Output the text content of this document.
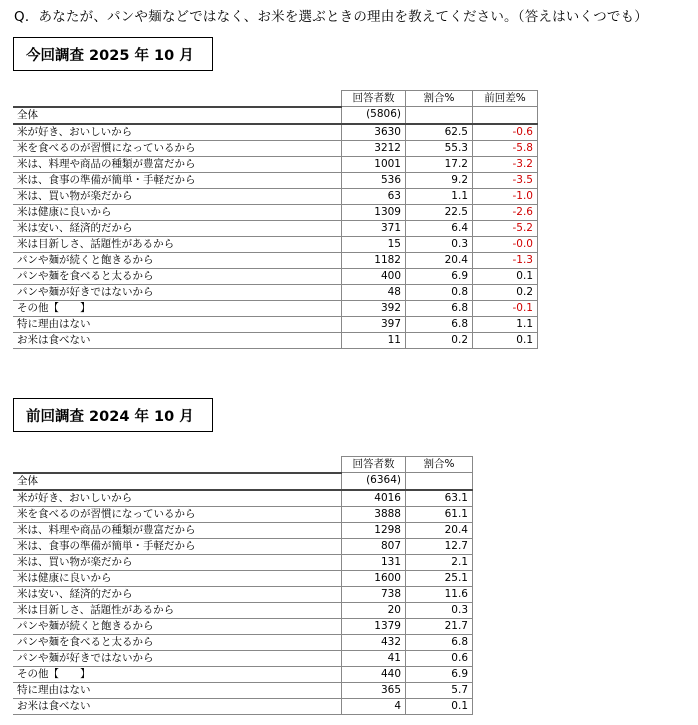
Q．あなたが、パンや麺などではなく、お米を選ぶときの理由を教えてください。（答えはいくつでも）
今回調査 2025 年 10 月
	回答者数	割合%	前回差%
全体	(5806)		
米が好き、おいしいから	3630	62.5	-0.6
米を食べるのが習慣になっているから	3212	55.3	-5.8
米は、料理や商品の種類が豊富だから	1001	17.2	-3.2
米は、食事の準備が簡単・手軽だから	536	9.2	-3.5
米は、買い物が楽だから	63	1.1	-1.0
米は健康に良いから	1309	22.5	-2.6
米は安い、経済的だから	371	6.4	-5.2
米は目新しさ、話題性があるから	15	0.3	-0.0
パンや麺が続くと飽きるから	1182	20.4	-1.3
パンや麺を食べると太るから	400	6.9	0.1
パンや麺が好きではないから	48	0.8	0.2
その他【　　】	392	6.8	-0.1
特に理由はない	397	6.8	1.1
お米は食べない	11	0.2	0.1
前回調査 2024 年 10 月
	回答者数	割合%
全体	(6364)	
米が好き、おいしいから	4016	63.1
米を食べるのが習慣になっているから	3888	61.1
米は、料理や商品の種類が豊富だから	1298	20.4
米は、食事の準備が簡単・手軽だから	807	12.7
米は、買い物が楽だから	131	2.1
米は健康に良いから	1600	25.1
米は安い、経済的だから	738	11.6
米は目新しさ、話題性があるから	20	0.3
パンや麺が続くと飽きるから	1379	21.7
パンや麺を食べると太るから	432	6.8
パンや麺が好きではないから	41	0.6
その他【　　】	440	6.9
特に理由はない	365	5.7
お米は食べない	4	0.1
